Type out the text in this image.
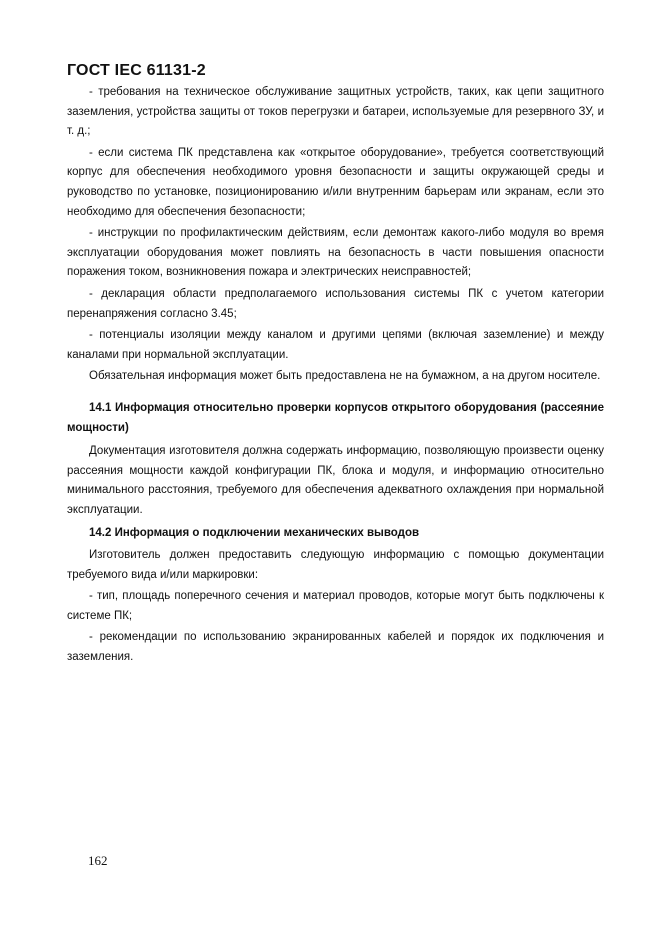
ГОСТ IEC 61131-2

- требования на техническое обслуживание защитных устройств, таких, как цепи защитного заземления, устройства защиты от токов перегрузки и батареи, используемые для резервного ЗУ, и т. д.;

- если система ПК представлена как «открытое оборудование», требуется соответствующий корпус для обеспечения необходимого уровня безопасности и защиты окружающей среды и руководство по установке, позиционированию и/или внутренним барьерам или экранам, если это необходимо для обеспечения безопасности;

- инструкции по профилактическим действиям, если демонтаж какого-либо модуля во время эксплуатации оборудования может повлиять на безопасность в части повышения опасности поражения током, возникновения пожара и электрических неисправностей;

- декларация области предполагаемого использования системы ПК с учетом категории перенапряжения согласно 3.45;

- потенциалы изоляции между каналом и другими цепями (включая заземление) и между каналами при нормальной эксплуатации.

Обязательная информация может быть предоставлена не на бумажном, а на другом носителе.

14.1 Информация относительно проверки корпусов открытого оборудования (рассеяние мощности)

Документация изготовителя должна содержать информацию, позволяющую произвести оценку рассеяния мощности каждой конфигурации ПК, блока и модуля, и информацию относительно минимального расстояния, требуемого для обеспечения адекватного охлаждения при нормальной эксплуатации.

14.2 Информация о подключении механических выводов

Изготовитель должен предоставить следующую информацию с помощью документации требуемого вида и/или маркировки:

- тип, площадь поперечного сечения и материал проводов, которые могут быть подключены к системе ПК;

- рекомендации по использованию экранированных кабелей и порядок их подключения и заземления.

162
